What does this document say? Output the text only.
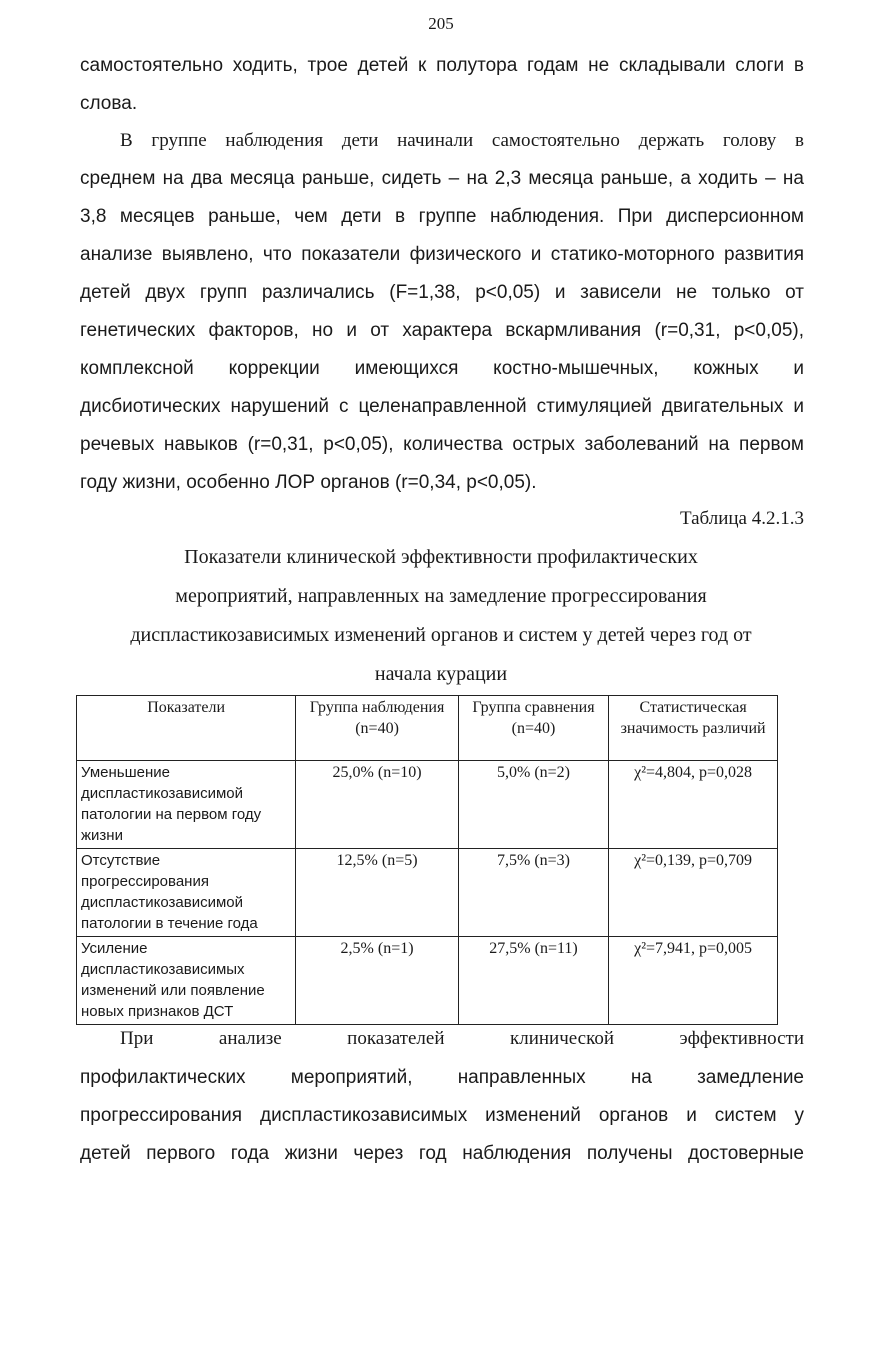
205
самостоятельно ходить, трое детей к полутора годам не складывали слоги в
слова.
В группе наблюдения дети начинали самостоятельно держать голову в
среднем на два месяца раньше, сидеть – на 2,3 месяца раньше, а ходить – на
3,8 месяцев раньше, чем дети в группе наблюдения. При дисперсионном
анализе выявлено, что показатели физического и статико-моторного развития
детей двух групп различались (F=1,38, p<0,05) и зависели не только от
генетических факторов, но и от характера вскармливания (r=0,31, p<0,05),
комплексной коррекции имеющихся костно-мышечных, кожных и
дисбиотических нарушений с целенаправленной стимуляцией двигательных и
речевых навыков (r=0,31, p<0,05), количества острых заболеваний на первом
году жизни, особенно ЛОР органов (r=0,34, p<0,05).
Таблица 4.2.1.3
Показатели клинической эффективности профилактических
мероприятий, направленных на замедление прогрессирования
диспластикозависимых изменений органов и систем у детей через год от
начала курации
Показатели	Группа наблюдения (n=40)	Группа сравнения (n=40)	Статистическая значимость различий
Уменьшение диспластикозависимой патологии на первом году жизни	25,0% (n=10)	5,0% (n=2)	χ²=4,804, p=0,028
Отсутствие прогрессирования диспластикозависимой патологии в течение года	12,5% (n=5)	7,5% (n=3)	χ²=0,139, p=0,709
Усиление диспластикозависимых изменений или появление новых признаков ДСТ	2,5% (n=1)	27,5% (n=11)	χ²=7,941, p=0,005
При анализе показателей клинической эффективности
профилактических мероприятий, направленных на замедление
прогрессирования диспластикозависимых изменений органов и систем у
детей первого года жизни через год наблюдения получены достоверные
